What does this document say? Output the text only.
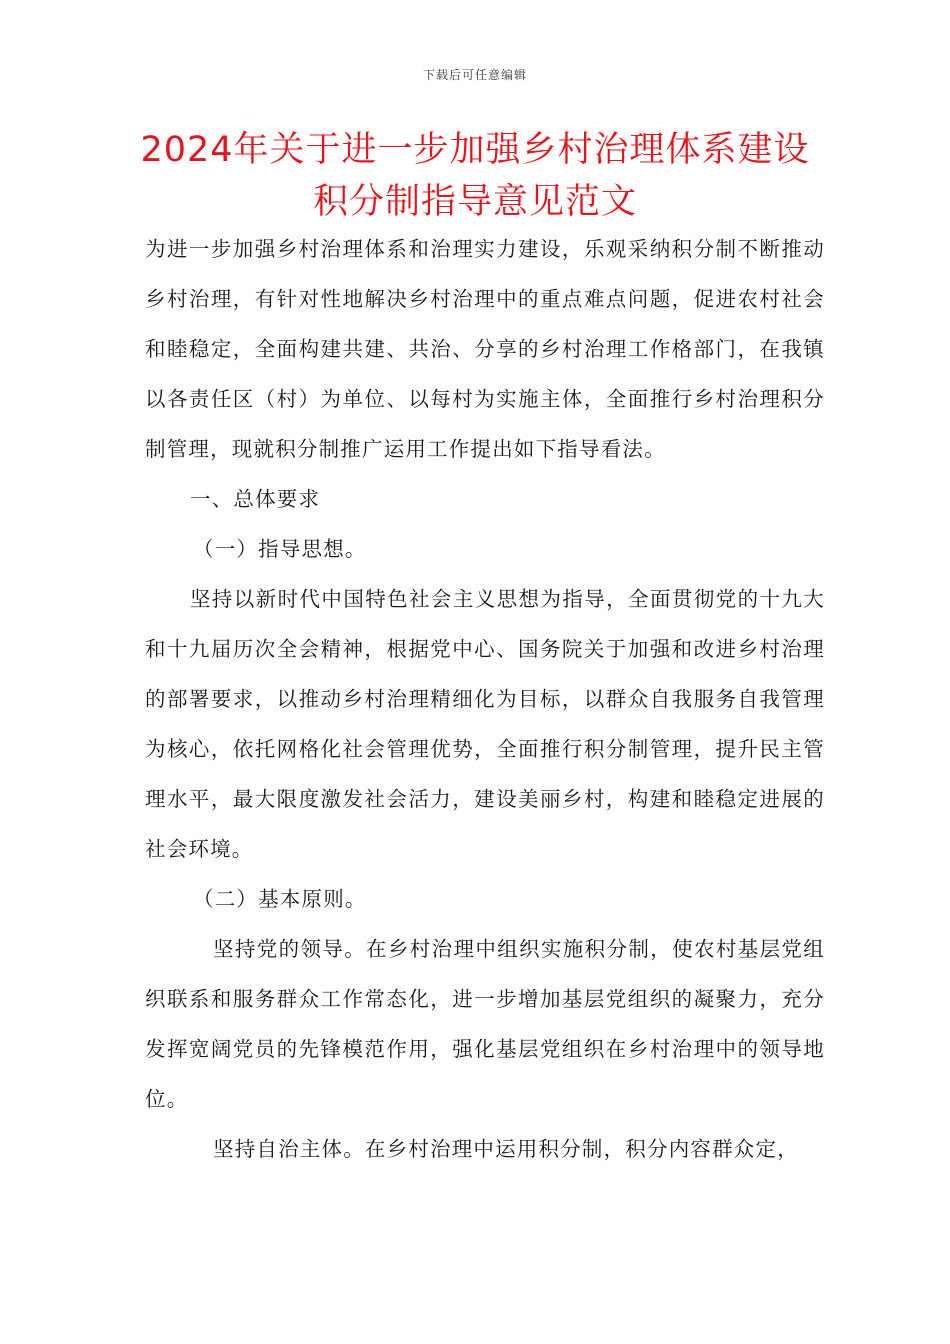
下载后可任意编辑
2024年关于进一步加强乡村治理体系建设
积分制指导意见范文

为进一步加强乡村治理体系和治理实力建设，乐观采纳积分制不断推动乡村治理，有针对性地解决乡村治理中的重点难点问题，促进农村社会和睦稳定，全面构建共建、共治、分享的乡村治理工作格部门，在我镇以各责任区（村）为单位、以每村为实施主体，全面推行乡村治理积分制管理，现就积分制推广运用工作提出如下指导看法。

一、总体要求

（一）指导思想。

坚持以新时代中国特色社会主义思想为指导，全面贯彻党的十九大和十九届历次全会精神，根据党中心、国务院关于加强和改进乡村治理的部署要求，以推动乡村治理精细化为目标，以群众自我服务自我管理为核心，依托网格化社会管理优势，全面推行积分制管理，提升民主管理水平，最大限度激发社会活力，建设美丽乡村，构建和睦稳定进展的社会环境。

（二）基本原则。

坚持党的领导。在乡村治理中组织实施积分制，使农村基层党组织联系和服务群众工作常态化，进一步增加基层党组织的凝聚力，充分发挥宽阔党员的先锋模范作用，强化基层党组织在乡村治理中的领导地位。

坚持自治主体。在乡村治理中运用积分制，积分内容群众定，
